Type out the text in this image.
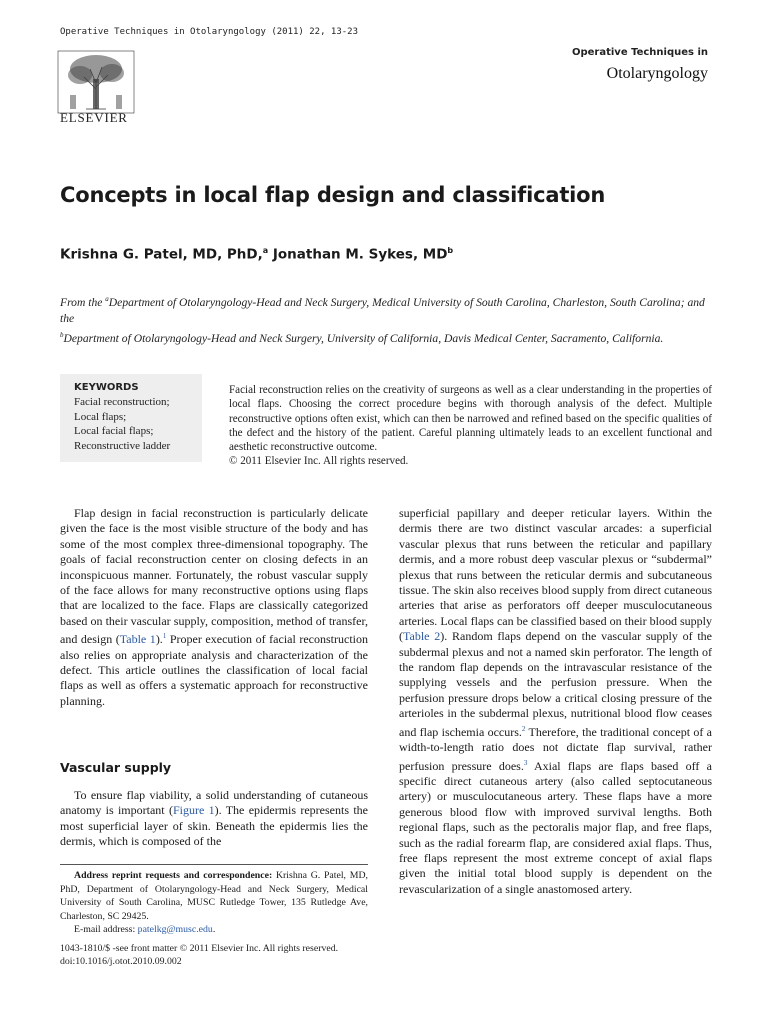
Operative Techniques in Otolaryngology (2011) 22, 13-23
ELSEVIER
Operative Techniques in
Otolaryngology
Concepts in local flap design and classification
Krishna G. Patel, MD, PhD,$^a$ Jonathan M. Sykes, $MD^b$
From the $^a$Department of Otolaryngology-Head and Neck Surgery, Medical University of South Carolina, Charleston, South Carolina; and the
$^b$Department of Otolaryngology-Head and Neck Surgery, University of California, Davis Medical Center, Sacramento, California.
KEYWORDS
Facial reconstruction;
Local flaps;
Local facial flaps;
Reconstructive ladder
Facial reconstruction relies on the creativity of surgeons as well as a clear understanding in the properties of local flaps. Choosing the correct procedure begins with thorough analysis of the defect. Multiple reconstructive options often exist, which can then be narrowed and refined based on the specific qualities of the defect and the history of the patient. Careful planning ultimately leads to an excellent functional and aesthetic reconstructive outcome.
© 2011 Elsevier Inc. All rights reserved.

Flap design in facial reconstruction is particularly delicate given the face is the most visible structure of the body and has some of the most complex three-dimensional topography. The goals of facial reconstruction center on closing defects in an inconspicuous manner. Fortunately, the robust vascular supply of the face allows for many reconstructive options using flaps that are localized to the face. Flaps are classically categorized based on their vascular supply, composition, method of transfer, and design (Table 1).$^1$ Proper execution of facial reconstruction also relies on appropriate analysis and characterization of the defect. This article outlines the classification of local facial flaps as well as offers a systematic approach for reconstructive planning.

Vascular supply

To ensure flap viability, a solid understanding of cutaneous anatomy is important (Figure 1). The epidermis represents the most superficial layer of skin. Beneath the epidermis lies the dermis, which is composed of the

Address reprint requests and correspondence: Krishna G. Patel, MD, PhD, Department of Otolaryngology-Head and Neck Surgery, Medical University of South Carolina, MUSC Rutledge Tower, 135 Rutledge Ave, Charleston, SC 29425.
E-mail address: patelkg@musc.edu.
1043-1810/$ -see front matter © 2011 Elsevier Inc. All rights reserved.
doi:10.1016/j.otot.2010.09.002

superficial papillary and deeper reticular layers. Within the dermis there are two distinct vascular arcades: a superficial vascular plexus that runs between the reticular and papillary dermis, and a more robust deep vascular plexus or “subdermal” plexus that runs between the reticular dermis and subcutaneous tissue. The skin also receives blood supply from direct cutaneous arteries that arise as perforators off deeper musculocutaneous arteries. Local flaps can be classified based on their blood supply (Table 2). Random flaps depend on the vascular supply of the subdermal plexus and not a named skin perforator. The length of the random flap depends on the intravascular resistance of the supplying vessels and the perfusion pressure. When the perfusion pressure drops below a critical closing pressure of the arterioles in the subdermal plexus, nutritional blood flow ceases and flap ischemia occurs.$^2$ Therefore, the traditional concept of a width-to-length ratio does not dictate flap survival, rather perfusion pressure does.$^3$ Axial flaps are flaps based off a specific direct cutaneous artery (also called septocutaneous artery) or musculocutaneous artery. These flaps have a more generous blood flow with improved survival lengths. Both regional flaps, such as the pectoralis major flap, and free flaps, such as the radial forearm flap, are considered axial flaps. Thus, free flaps represent the most extreme concept of axial flaps given the initial total blood supply is dependent on the revascularization of a single anastomosed artery.
